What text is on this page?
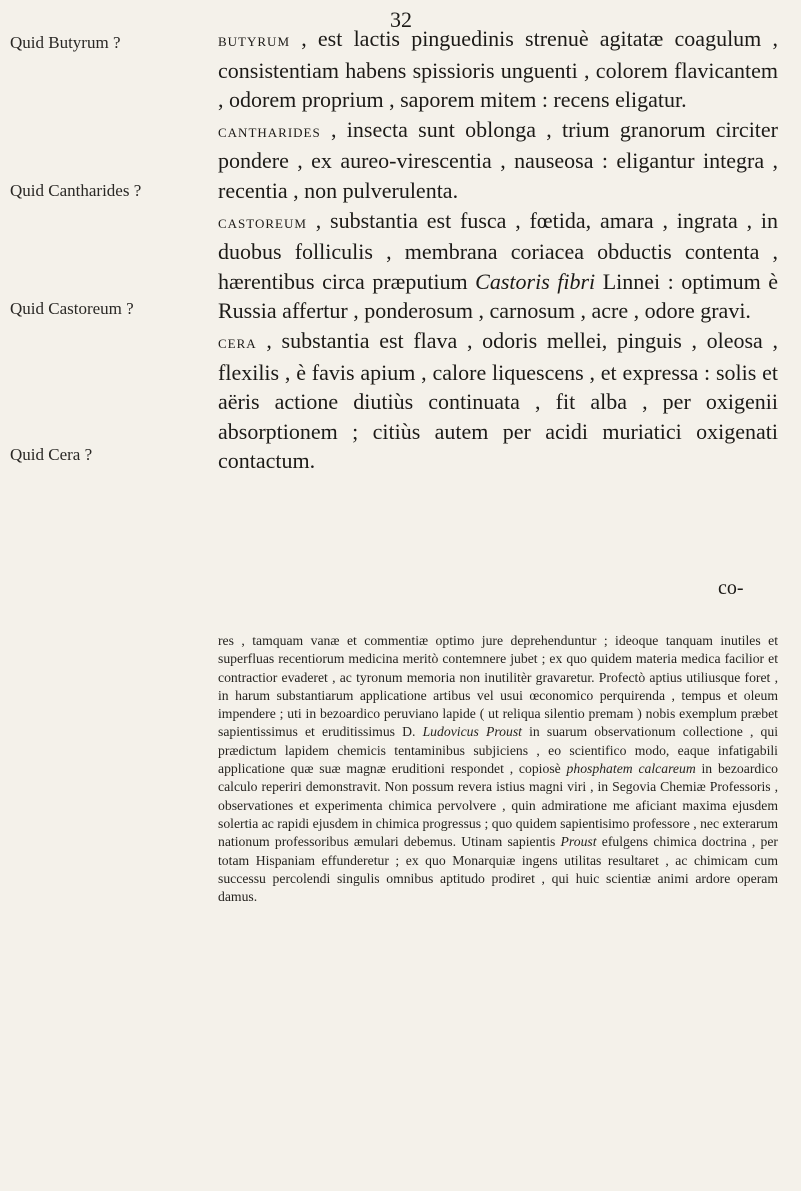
32
Quid Butyrum ?
Quid Cantharides ?
Quid Castoreum ?
Quid Cera ?

butyrum , est lactis pinguedinis strenuè agitatæ coagulum , consistentiam habens spissioris unguenti , colorem flavicantem , odorem proprium , saporem mitem : recens eligatur.

cantharides , insecta sunt oblonga , trium granorum circiter pondere , ex aureo-virescentia , nauseosa : eligantur integra , recentia , non pulverulenta.

castoreum , substantia est fusca , fœtida, amara , ingrata , in duobus folliculis , membrana coriacea obductis contenta , hærentibus circa præputium Castoris fibri Linnei : optimum è Russia affertur , ponderosum , carnosum , acre , odore gravi.

cera , substantia est flava , odoris mellei, pinguis , oleosa , flexilis , è favis apium , calore liquescens , et expressa : solis et aëris actione diutiùs continuata , fit alba , per oxigenii absorptionem ; citiùs autem per acidi muriatici oxigenati contactum.

co-

res , tamquam vanæ et commentiæ optimo jure deprehenduntur ; ideoque tanquam inutiles et superfluas recentiorum medicina meritò contemnere jubet ; ex quo quidem materia medica facilior et contractior evaderet , ac tyronum memoria non inutilitèr gravaretur. Profectò aptius utiliusque foret , in harum substantiarum applicatione artibus vel usui œconomico perquirenda , tempus et oleum impendere ; uti in bezoardico peruviano lapide ( ut reliqua silentio premam ) nobis exemplum præbet sapientissimus et eruditissimus D. Ludovicus Proust in suarum observationum collectione , qui prædictum lapidem chemicis tentaminibus subjiciens , eo scientifico modo, eaque infatigabili applicatione quæ suæ magnæ eruditioni respondet , copiosè phosphatem calcareum in bezoardico calculo reperiri demonstravit. Non possum revera istius magni viri , in Segovia Chemiæ Professoris , observationes et experimenta chimica pervolvere , quin admiratione me aficiant maxima ejusdem solertia ac rapidi ejusdem in chimica progressus ; quo quidem sapientisimo professore , nec exterarum nationum professoribus æmulari debemus. Utinam sapientis Proust efulgens chimica doctrina , per totam Hispaniam effunderetur ; ex quo Monarquiæ ingens utilitas resultaret , ac chimicam cum successu percolendi singulis omnibus aptitudo prodiret , qui huic scientiæ animi ardore operam damus.
